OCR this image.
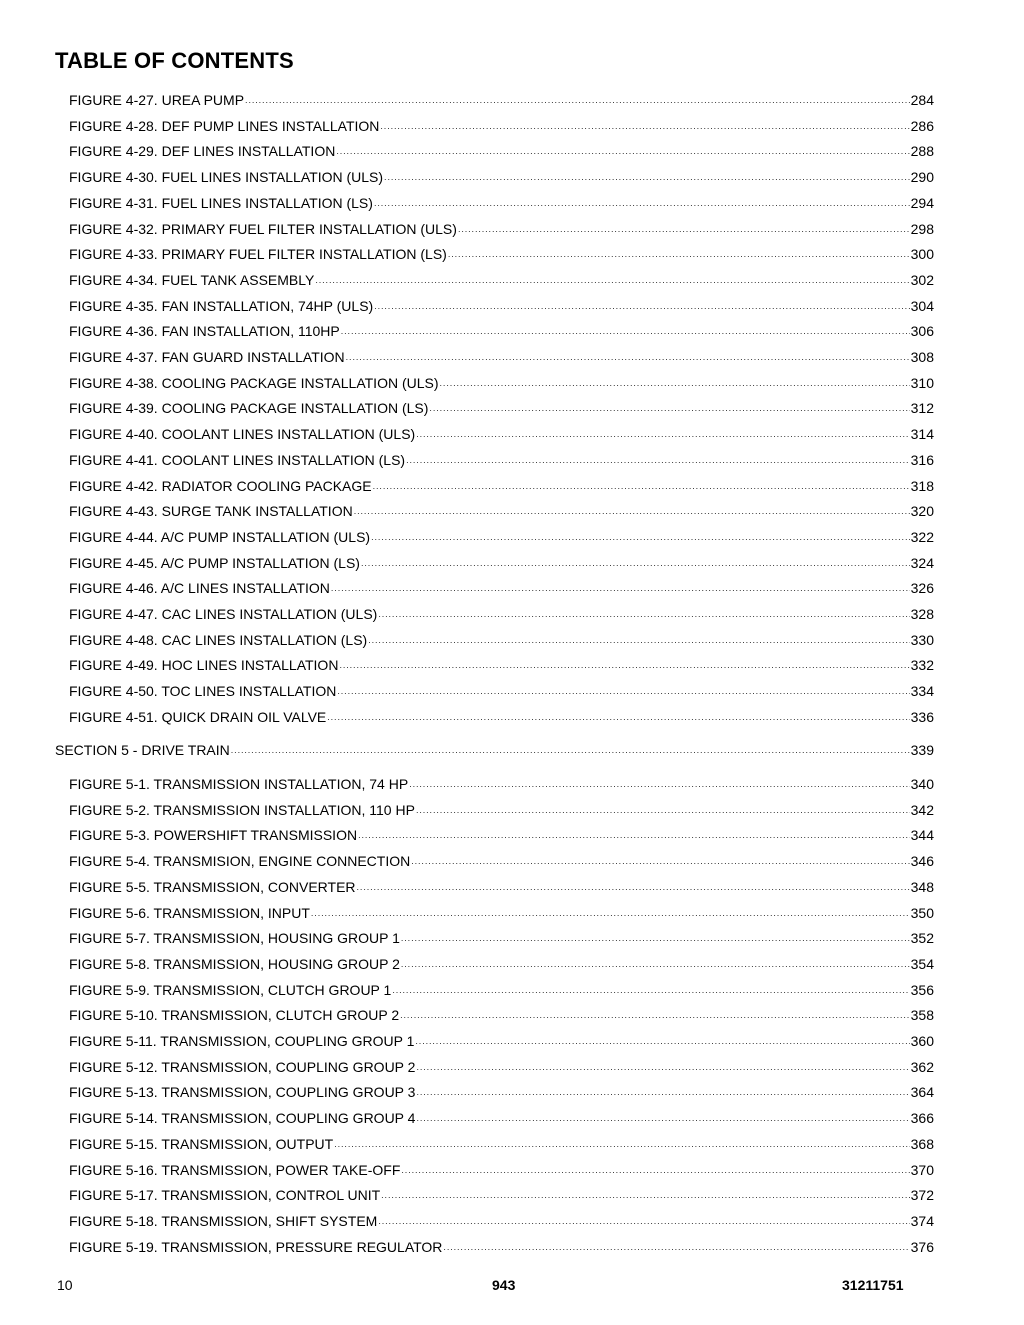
TABLE OF CONTENTS
FIGURE 4-27. UREA PUMP .....	284
FIGURE 4-28. DEF PUMP LINES INSTALLATION .....	286
FIGURE 4-29. DEF LINES INSTALLATION .....	288
FIGURE 4-30. FUEL LINES INSTALLATION (ULS) .....	290
FIGURE 4-31. FUEL LINES INSTALLATION (LS) .....	294
FIGURE 4-32. PRIMARY FUEL FILTER INSTALLATION (ULS) .....	298
FIGURE 4-33. PRIMARY FUEL FILTER INSTALLATION (LS) .....	300
FIGURE 4-34. FUEL TANK ASSEMBLY .....	302
FIGURE 4-35. FAN INSTALLATION, 74HP (ULS) .....	304
FIGURE 4-36. FAN INSTALLATION, 110HP .....	306
FIGURE 4-37. FAN GUARD INSTALLATION .....	308
FIGURE 4-38. COOLING PACKAGE INSTALLATION (ULS) .....	310
FIGURE 4-39. COOLING PACKAGE INSTALLATION (LS) .....	312
FIGURE 4-40. COOLANT LINES INSTALLATION (ULS) .....	314
FIGURE 4-41. COOLANT LINES INSTALLATION (LS) .....	316
FIGURE 4-42. RADIATOR COOLING PACKAGE .....	318
FIGURE 4-43. SURGE TANK INSTALLATION .....	320
FIGURE 4-44. A/C PUMP INSTALLATION (ULS) .....	322
FIGURE 4-45. A/C PUMP INSTALLATION (LS) .....	324
FIGURE 4-46. A/C LINES INSTALLATION .....	326
FIGURE 4-47. CAC LINES INSTALLATION (ULS) .....	328
FIGURE 4-48. CAC LINES INSTALLATION (LS) .....	330
FIGURE 4-49. HOC LINES INSTALLATION .....	332
FIGURE 4-50. TOC LINES INSTALLATION .....	334
FIGURE 4-51. QUICK DRAIN OIL VALVE .....	336
SECTION 5 - DRIVE TRAIN .....	339
FIGURE 5-1. TRANSMISSION INSTALLATION, 74 HP .....	340
FIGURE 5-2. TRANSMISSION INSTALLATION, 110 HP .....	342
FIGURE 5-3. POWERSHIFT TRANSMISSION .....	344
FIGURE 5-4. TRANSMISION, ENGINE CONNECTION .....	346
FIGURE 5-5. TRANSMISSION, CONVERTER .....	348
FIGURE 5-6. TRANSMISSION, INPUT .....	350
FIGURE 5-7. TRANSMISSION, HOUSING GROUP 1 .....	352
FIGURE 5-8. TRANSMISSION, HOUSING GROUP 2 .....	354
FIGURE 5-9. TRANSMISSION, CLUTCH GROUP 1 .....	356
FIGURE 5-10. TRANSMISSION, CLUTCH GROUP 2 .....	358
FIGURE 5-11. TRANSMISSION, COUPLING GROUP 1 .....	360
FIGURE 5-12. TRANSMISSION, COUPLING GROUP 2 .....	362
FIGURE 5-13. TRANSMISSION, COUPLING GROUP 3 .....	364
FIGURE 5-14. TRANSMISSION, COUPLING GROUP 4 .....	366
FIGURE 5-15. TRANSMISSION, OUTPUT .....	368
FIGURE 5-16. TRANSMISSION, POWER TAKE-OFF .....	370
FIGURE 5-17. TRANSMISSION, CONTROL UNIT .....	372
FIGURE 5-18. TRANSMISSION, SHIFT SYSTEM .....	374
FIGURE 5-19. TRANSMISSION, PRESSURE REGULATOR .....	376
10	943	31211751
